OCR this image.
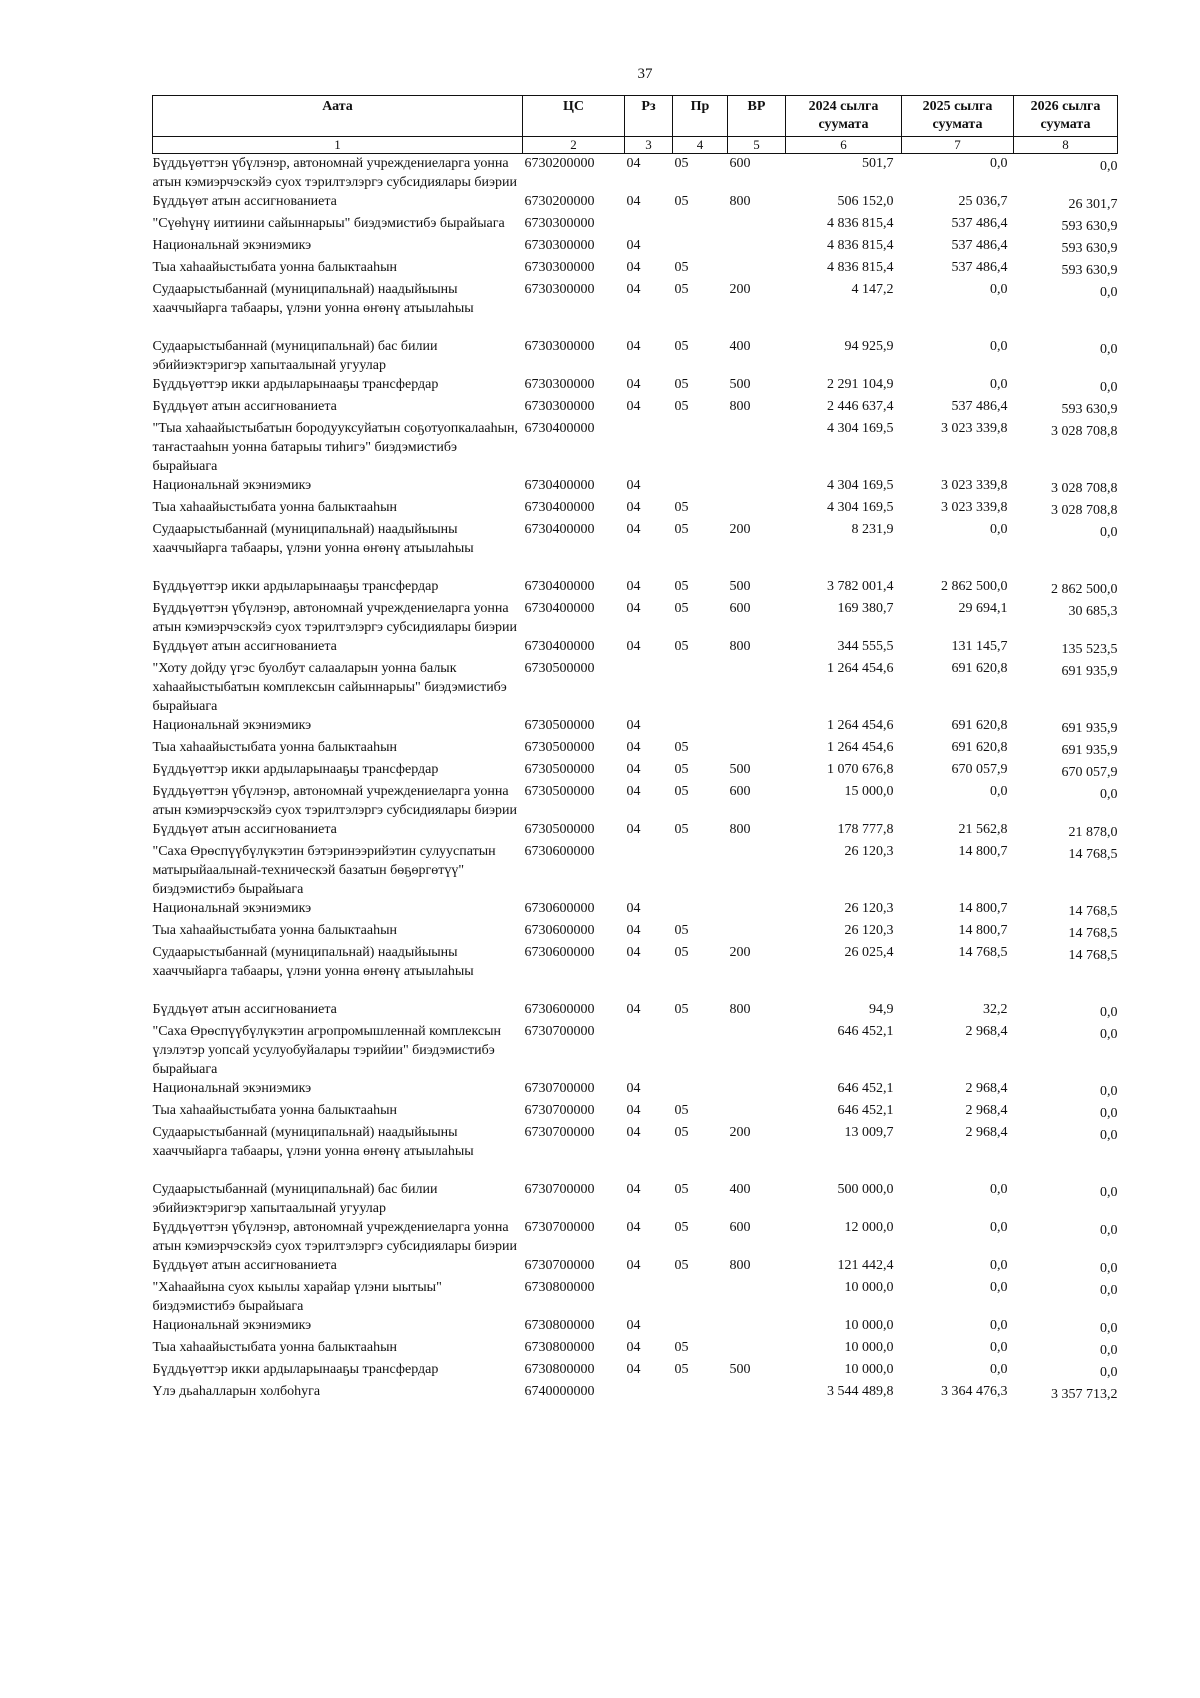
37
Аата	ЦС	Рз	Пр	ВР	2024 сылга суумата	2025 сылга суумата	2026 сылга суумата
1	2	3	4	5	6	7	8
Бүддьүөттэн үбүлэнэр, автономнай учреждениеларга уонна атын кэмиэрчэскэйэ суох тэрилтэлэргэ субсидиялары биэрии	6730200000	04	05	600	501,7	0,0	0,0
Бүддьүөт атын ассигнованиета	6730200000	04	05	800	506 152,0	25 036,7	26 301,7
"Сүөһүнү иитиини сайыннарыы" биэдэмистибэ бырайыага	6730300000				4 836 815,4	537 486,4	593 630,9
Национальнай экэниэмикэ	6730300000	04			4 836 815,4	537 486,4	593 630,9
Тыа хаһаайыстыбата уонна балыктааһын	6730300000	04	05		4 836 815,4	537 486,4	593 630,9
Судаарыстыбаннай (муниципальнай) наадыйыыны хааччыйарга табаары, үлэни уонна өҥөнү атыылаһыы	6730300000	04	05	200	4 147,2	0,0	0,0
Судаарыстыбаннай (муниципальнай) бас билии эбийиэктэригэр хапытаалынай угуулар	6730300000	04	05	400	94 925,9	0,0	0,0
Бүддьүөттэр икки ардыларынааҕы трансфердар	6730300000	04	05	500	2 291 104,9	0,0	0,0
Бүддьүөт атын ассигнованиета	6730300000	04	05	800	2 446 637,4	537 486,4	593 630,9
"Тыа хаһаайыстыбатын бородууксуйатын соҕотуопкалааһын, таҥастааһын уонна батарыы тиһигэ" биэдэмистибэ бырайыага	6730400000				4 304 169,5	3 023 339,8	3 028 708,8
Национальнай экэниэмикэ	6730400000	04			4 304 169,5	3 023 339,8	3 028 708,8
Тыа хаһаайыстыбата уонна балыктааһын	6730400000	04	05		4 304 169,5	3 023 339,8	3 028 708,8
Судаарыстыбаннай (муниципальнай) наадыйыыны хааччыйарга табаары, үлэни уонна өҥөнү атыылаһыы	6730400000	04	05	200	8 231,9	0,0	0,0
Бүддьүөттэр икки ардыларынааҕы трансфердар	6730400000	04	05	500	3 782 001,4	2 862 500,0	2 862 500,0
Бүддьүөттэн үбүлэнэр, автономнай учреждениеларга уонна атын кэмиэрчэскэйэ суох тэрилтэлэргэ субсидиялары биэрии	6730400000	04	05	600	169 380,7	29 694,1	30 685,3
Бүддьүөт атын ассигнованиета	6730400000	04	05	800	344 555,5	131 145,7	135 523,5
"Хоту дойду үгэс буолбут салааларын уонна балык хаһаайыстыбатын комплексын сайыннарыы" биэдэмистибэ бырайыага	6730500000				1 264 454,6	691 620,8	691 935,9
Национальнай экэниэмикэ	6730500000	04			1 264 454,6	691 620,8	691 935,9
Тыа хаһаайыстыбата уонна балыктааһын	6730500000	04	05		1 264 454,6	691 620,8	691 935,9
Бүддьүөттэр икки ардыларынааҕы трансфердар	6730500000	04	05	500	1 070 676,8	670 057,9	670 057,9
Бүддьүөттэн үбүлэнэр, автономнай учреждениеларга уонна атын кэмиэрчэскэйэ суох тэрилтэлэргэ субсидиялары биэрии	6730500000	04	05	600	15 000,0	0,0	0,0
Бүддьүөт атын ассигнованиета	6730500000	04	05	800	178 777,8	21 562,8	21 878,0
"Саха Өрөспүүбүлүкэтин бэтэринээрийэтин сулууспатын матырыйаалынай-техническэй базатын бөҕөргөтүү" биэдэмистибэ бырайыага	6730600000				26 120,3	14 800,7	14 768,5
Национальнай экэниэмикэ	6730600000	04			26 120,3	14 800,7	14 768,5
Тыа хаһаайыстыбата уонна балыктааһын	6730600000	04	05		26 120,3	14 800,7	14 768,5
Судаарыстыбаннай (муниципальнай) наадыйыыны хааччыйарга табаары, үлэни уонна өҥөнү атыылаһыы	6730600000	04	05	200	26 025,4	14 768,5	14 768,5
Бүддьүөт атын ассигнованиета	6730600000	04	05	800	94,9	32,2	0,0
"Саха Өрөспүүбүлүкэтин агропромышленнай комплексын үлэлэтэр уопсай усулуобуйалары тэрийии" биэдэмистибэ бырайыага	6730700000				646 452,1	2 968,4	0,0
Национальнай экэниэмикэ	6730700000	04			646 452,1	2 968,4	0,0
Тыа хаһаайыстыбата уонна балыктааһын	6730700000	04	05		646 452,1	2 968,4	0,0
Судаарыстыбаннай (муниципальнай) наадыйыыны хааччыйарга табаары, үлэни уонна өҥөнү атыылаһыы	6730700000	04	05	200	13 009,7	2 968,4	0,0
Судаарыстыбаннай (муниципальнай) бас билии эбийиэктэригэр хапытаалынай угуулар	6730700000	04	05	400	500 000,0	0,0	0,0
Бүддьүөттэн үбүлэнэр, автономнай учреждениеларга уонна атын кэмиэрчэскэйэ суох тэрилтэлэргэ субсидиялары биэрии	6730700000	04	05	600	12 000,0	0,0	0,0
Бүддьүөт атын ассигнованиета	6730700000	04	05	800	121 442,4	0,0	0,0
"Хаһаайына суох кыылы харайар үлэни ыытыы" биэдэмистибэ бырайыага	6730800000				10 000,0	0,0	0,0
Национальнай экэниэмикэ	6730800000	04			10 000,0	0,0	0,0
Тыа хаһаайыстыбата уонна балыктааһын	6730800000	04	05		10 000,0	0,0	0,0
Бүддьүөттэр икки ардыларынааҕы трансфердар	6730800000	04	05	500	10 000,0	0,0	0,0
Үлэ дьаһалларын холбоһуга	6740000000				3 544 489,8	3 364 476,3	3 357 713,2
